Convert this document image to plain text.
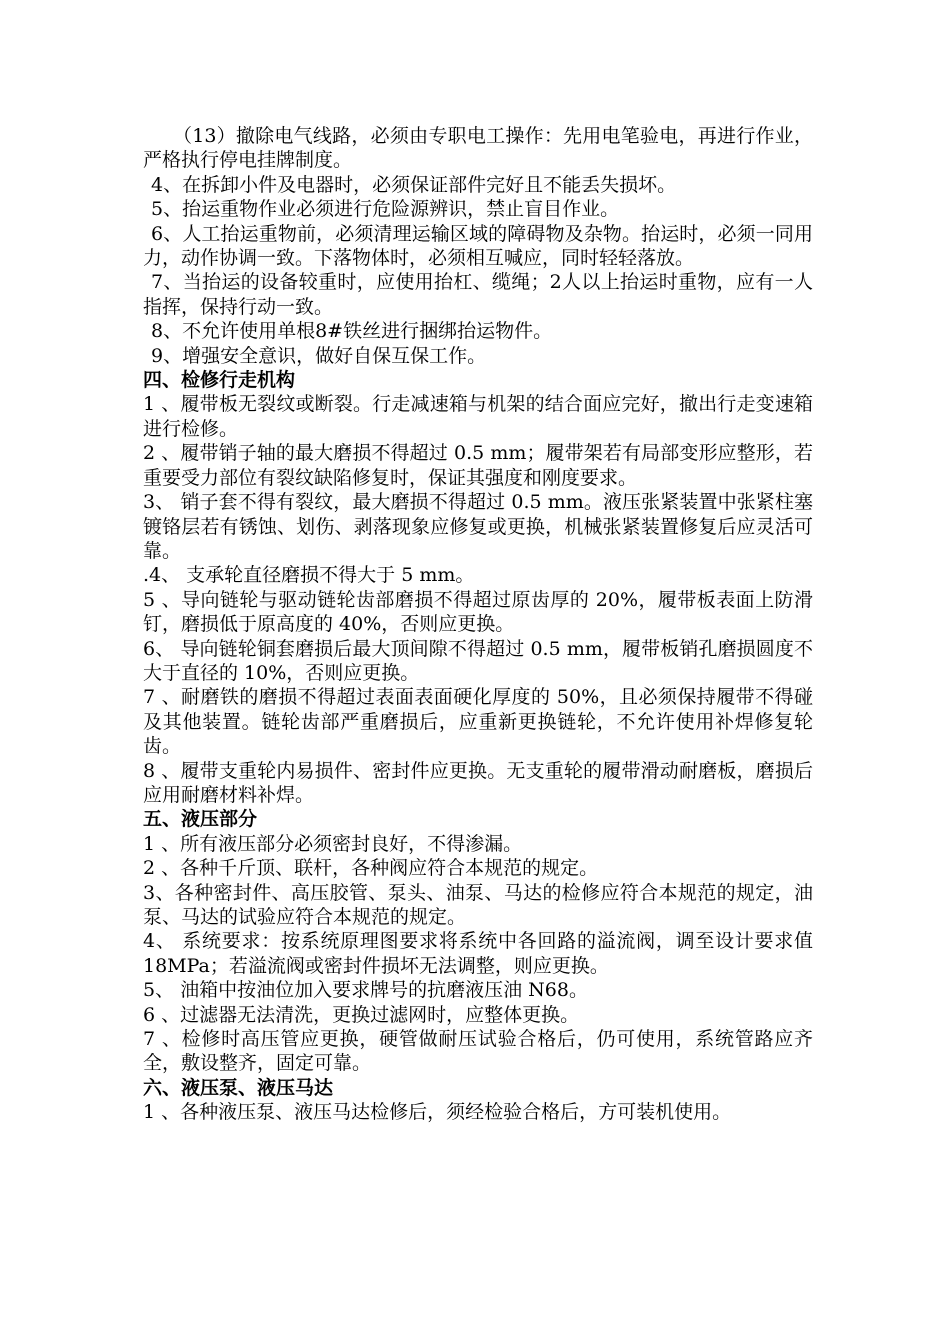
（13）撤除电气线路，必须由专职电工操作：先用电笔验电，再进行作业，严格执行停电挂牌制度。

4、在拆卸小件及电器时，必须保证部件完好且不能丢失损坏。

5、抬运重物作业必须进行危险源辨识，禁止盲目作业。

6、人工抬运重物前，必须清理运输区域的障碍物及杂物。抬运时，必须一同用力，动作协调一致。下落物体时，必须相互喊应，同时轻轻落放。

7、当抬运的设备较重时，应使用抬杠、缆绳；2人以上抬运时重物，应有一人指挥，保持行动一致。

8、不允许使用单根8#铁丝进行捆绑抬运物件。

9、增强安全意识，做好自保互保工作。

四、检修行走机构

1 、履带板无裂纹或断裂。行走减速箱与机架的结合面应完好，撤出行走变速箱进行检修。

2 、履带销子轴的最大磨损不得超过 0.5 mm；履带架若有局部变形应整形，若重要受力部位有裂纹缺陷修复时，保证其强度和刚度要求。

3、 销子套不得有裂纹，最大磨损不得超过 0.5 mm。液压张紧装置中张紧柱塞镀铬层若有锈蚀、划伤、剥落现象应修复或更换，机械张紧装置修复后应灵活可靠。

.4、 支承轮直径磨损不得大于 5 mm。

5 、导向链轮与驱动链轮齿部磨损不得超过原齿厚的 20%，履带板表面上防滑钉，磨损低于原高度的 40%，否则应更换。

6、 导向链轮铜套磨损后最大顶间隙不得超过 0.5 mm，履带板销孔磨损圆度不大于直径的 10%，否则应更换。

7 、耐磨铁的磨损不得超过表面表面硬化厚度的 50%，且必须保持履带不得碰及其他装置。链轮齿部严重磨损后，应重新更换链轮，不允许使用补焊修复轮齿。

8 、履带支重轮内易损件、密封件应更换。无支重轮的履带滑动耐磨板，磨损后应用耐磨材料补焊。

五、液压部分

1 、所有液压部分必须密封良好，不得渗漏。

2 、各种千斤顶、联杆，各种阀应符合本规范的规定。

3、各种密封件、高压胶管、泵头、油泵、马达的检修应符合本规范的规定，油泵、马达的试验应符合本规范的规定。

4、 系统要求：按系统原理图要求将系统中各回路的溢流阀，调至设计要求值 18MPa；若溢流阀或密封件损坏无法调整，则应更换。

5、 油箱中按油位加入要求牌号的抗磨液压油 N68。

6 、过滤器无法清洗，更换过滤网时，应整体更换。

7 、检修时高压管应更换，硬管做耐压试验合格后，仍可使用，系统管路应齐全，敷设整齐，固定可靠。

六、液压泵、液压马达

1 、各种液压泵、液压马达检修后，须经检验合格后，方可装机使用。
